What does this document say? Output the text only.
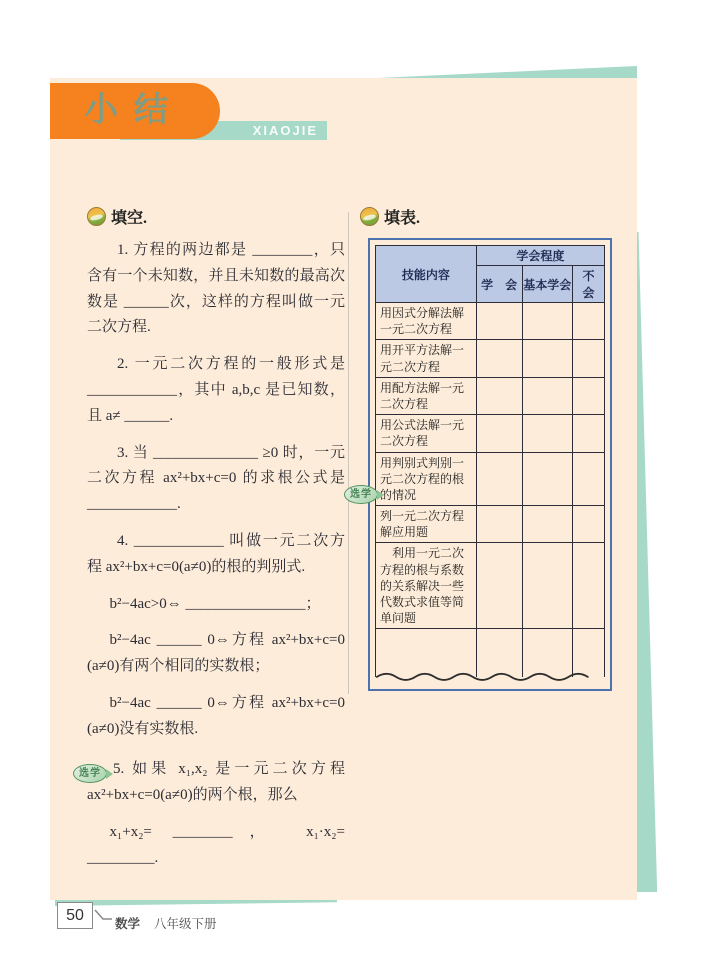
XIAOJIE
小结
填空.

1. 方程的两边都是 ________，只含有一个未知数，并且未知数的最高次数是 ______次，这样的方程叫做一元二次方程.

2. 一元二次方程的一般形式是 ____________，其中 a,b,c 是已知数，且 a≠ ______.

3. 当 ______________ ≥0 时，一元二次方程 ax²+bx+c=0 的求根公式是 ____________.

4. ____________ 叫做一元二次方程 ax²+bx+c=0(a≠0)的根的判别式.

b²−4ac>0⇔ ________________；

b²−4ac ______ 0⇔方程 ax²+bx+c=0 (a≠0)有两个相同的实数根；

b²−4ac ______ 0⇔方程 ax²+bx+c=0 (a≠0)没有实数根.

选学 5. 如果 x₁,x₂ 是一元二次方程 ax²+bx+c=0(a≠0)的两个根，那么

x₁+x₂= ________，　x₁·x₂= _________.

填表.
技能内容	学会程度		
	学　会	基本学会	不　会
用因式分解法解一元二次方程			
用开平方法解一元二次方程			
用配方法解一元二次方程			
用公式法解一元二次方程			
用判别式判别一元二次方程的根的情况			
列一元二次方程解应用题			
利用一元二次方程的根与系数的关系解决一些代数式求值等简单问题			

选学
50	数学 八年级下册
